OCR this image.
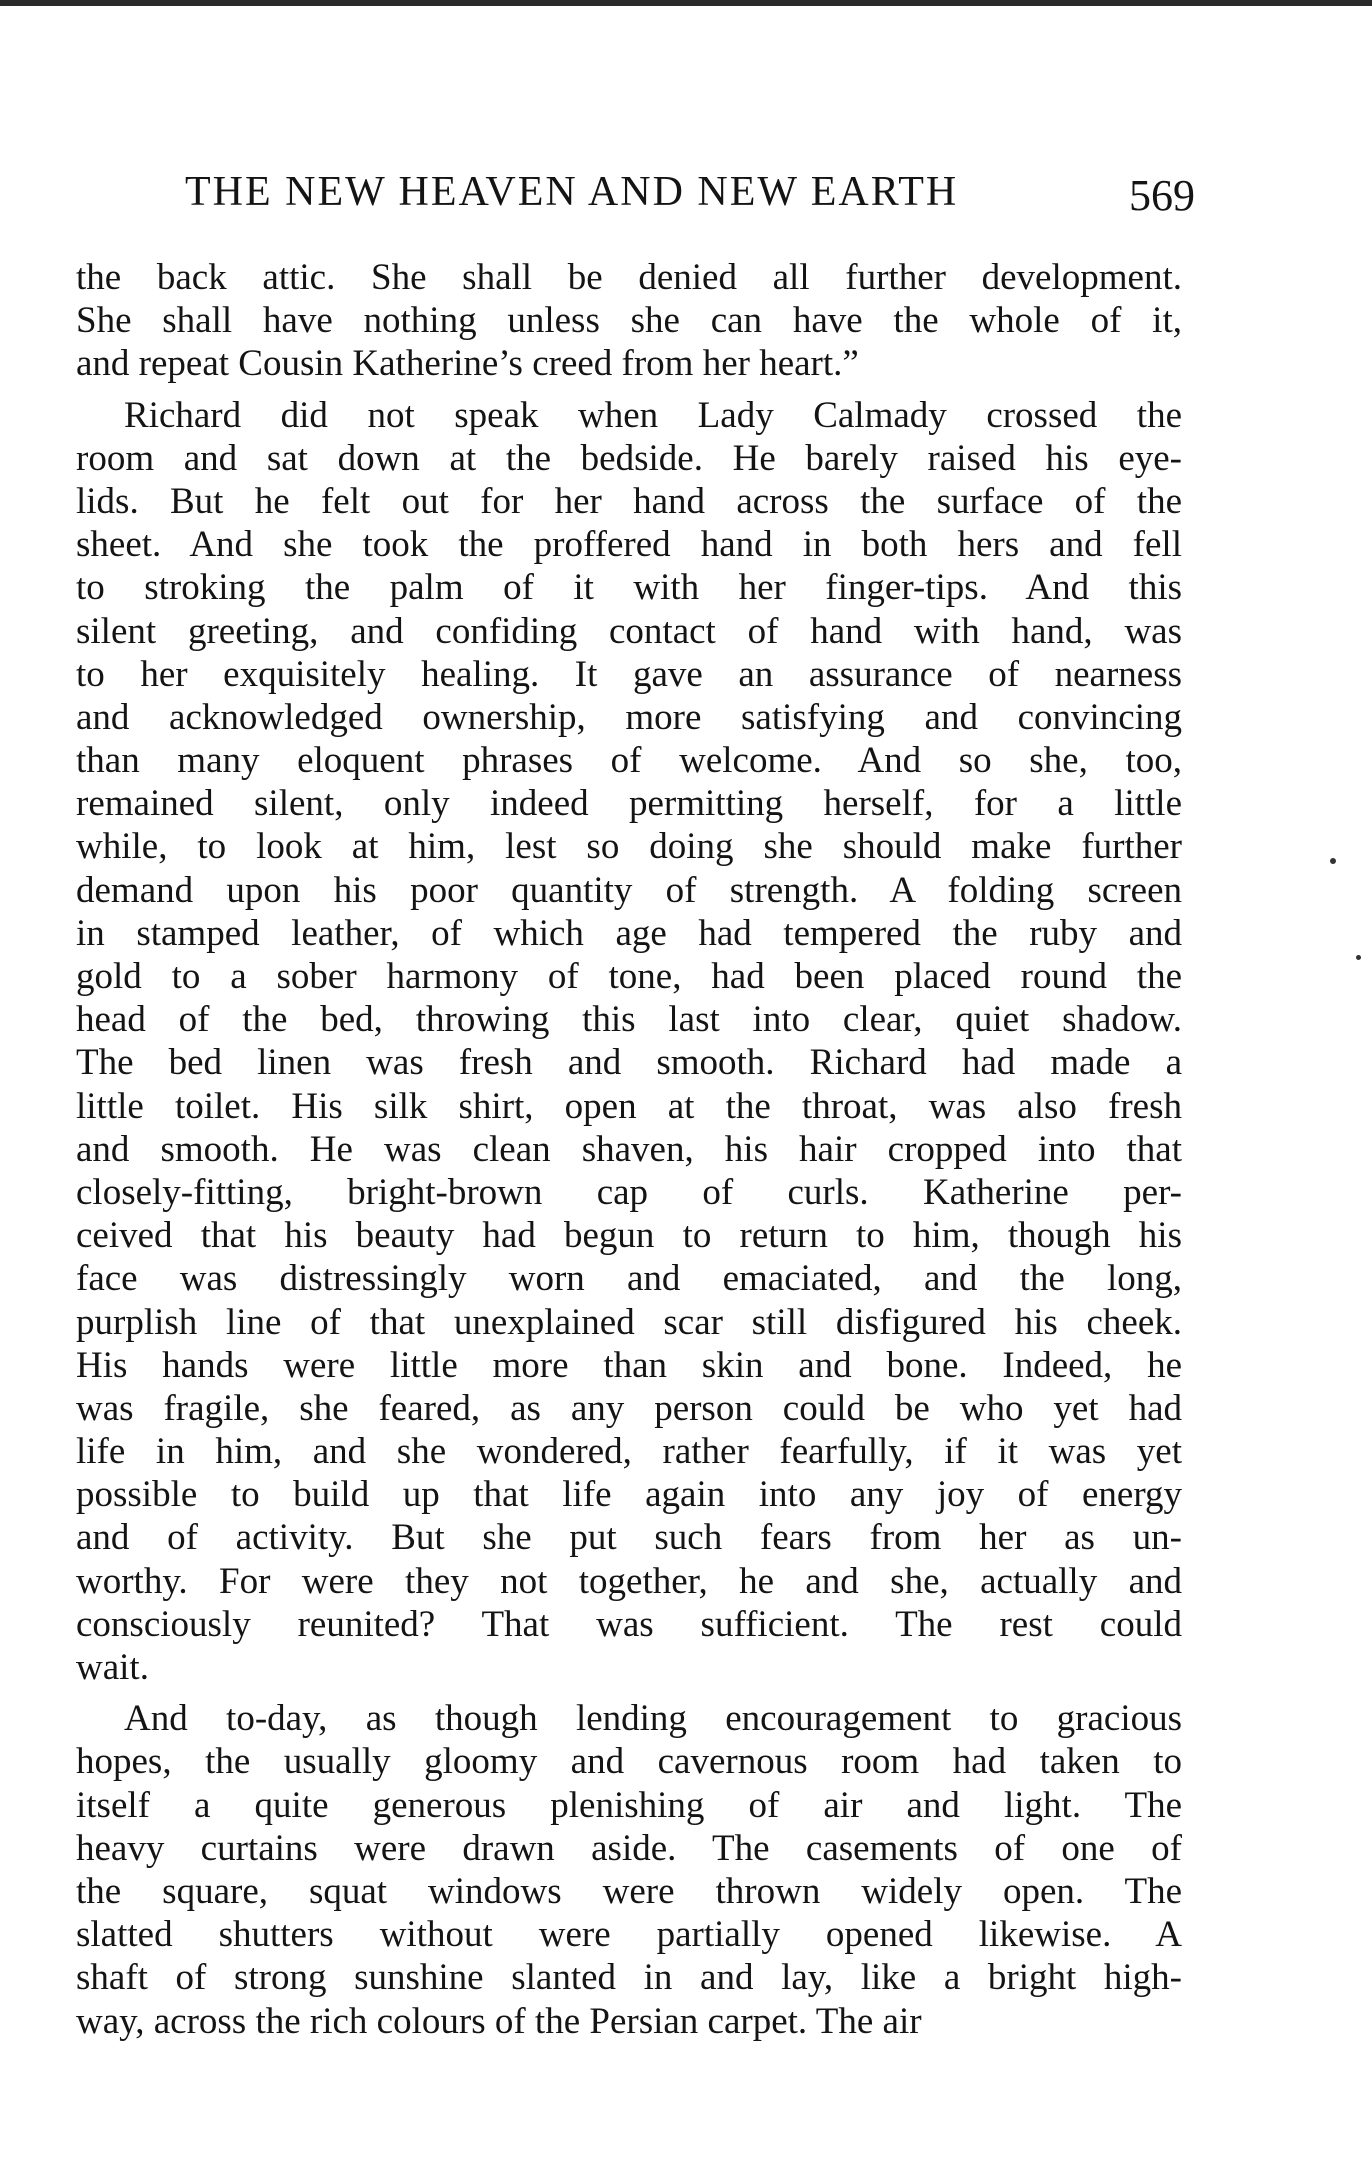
THE NEW HEAVEN AND NEW EARTH	569
the back attic. She shall be denied all further development.
She shall have nothing unless she can have the whole of it,
and repeat Cousin Katherine’s creed from her heart.”
Richard did not speak when Lady Calmady crossed the
room and sat down at the bedside. He barely raised his eye-
lids. But he felt out for her hand across the surface of the
sheet. And she took the proffered hand in both hers and fell
to stroking the palm of it with her finger-tips. And this
silent greeting, and confiding contact of hand with hand, was
to her exquisitely healing. It gave an assurance of nearness
and acknowledged ownership, more satisfying and convincing
than many eloquent phrases of welcome. And so she, too,
remained silent, only indeed permitting herself, for a little
while, to look at him, lest so doing she should make further
demand upon his poor quantity of strength. A folding screen
in stamped leather, of which age had tempered the ruby and
gold to a sober harmony of tone, had been placed round the
head of the bed, throwing this last into clear, quiet shadow.
The bed linen was fresh and smooth. Richard had made a
little toilet. His silk shirt, open at the throat, was also fresh
and smooth. He was clean shaven, his hair cropped into that
closely-fitting, bright-brown cap of curls. Katherine per-
ceived that his beauty had begun to return to him, though his
face was distressingly worn and emaciated, and the long,
purplish line of that unexplained scar still disfigured his cheek.
His hands were little more than skin and bone. Indeed, he
was fragile, she feared, as any person could be who yet had
life in him, and she wondered, rather fearfully, if it was yet
possible to build up that life again into any joy of energy
and of activity. But she put such fears from her as un-
worthy. For were they not together, he and she, actually and
consciously reunited? That was sufficient. The rest could
wait.
And to-day, as though lending encouragement to gracious
hopes, the usually gloomy and cavernous room had taken to
itself a quite generous plenishing of air and light. The
heavy curtains were drawn aside. The casements of one of
the square, squat windows were thrown widely open. The
slatted shutters without were partially opened likewise. A
shaft of strong sunshine slanted in and lay, like a bright high-
way, across the rich colours of the Persian carpet. The air
